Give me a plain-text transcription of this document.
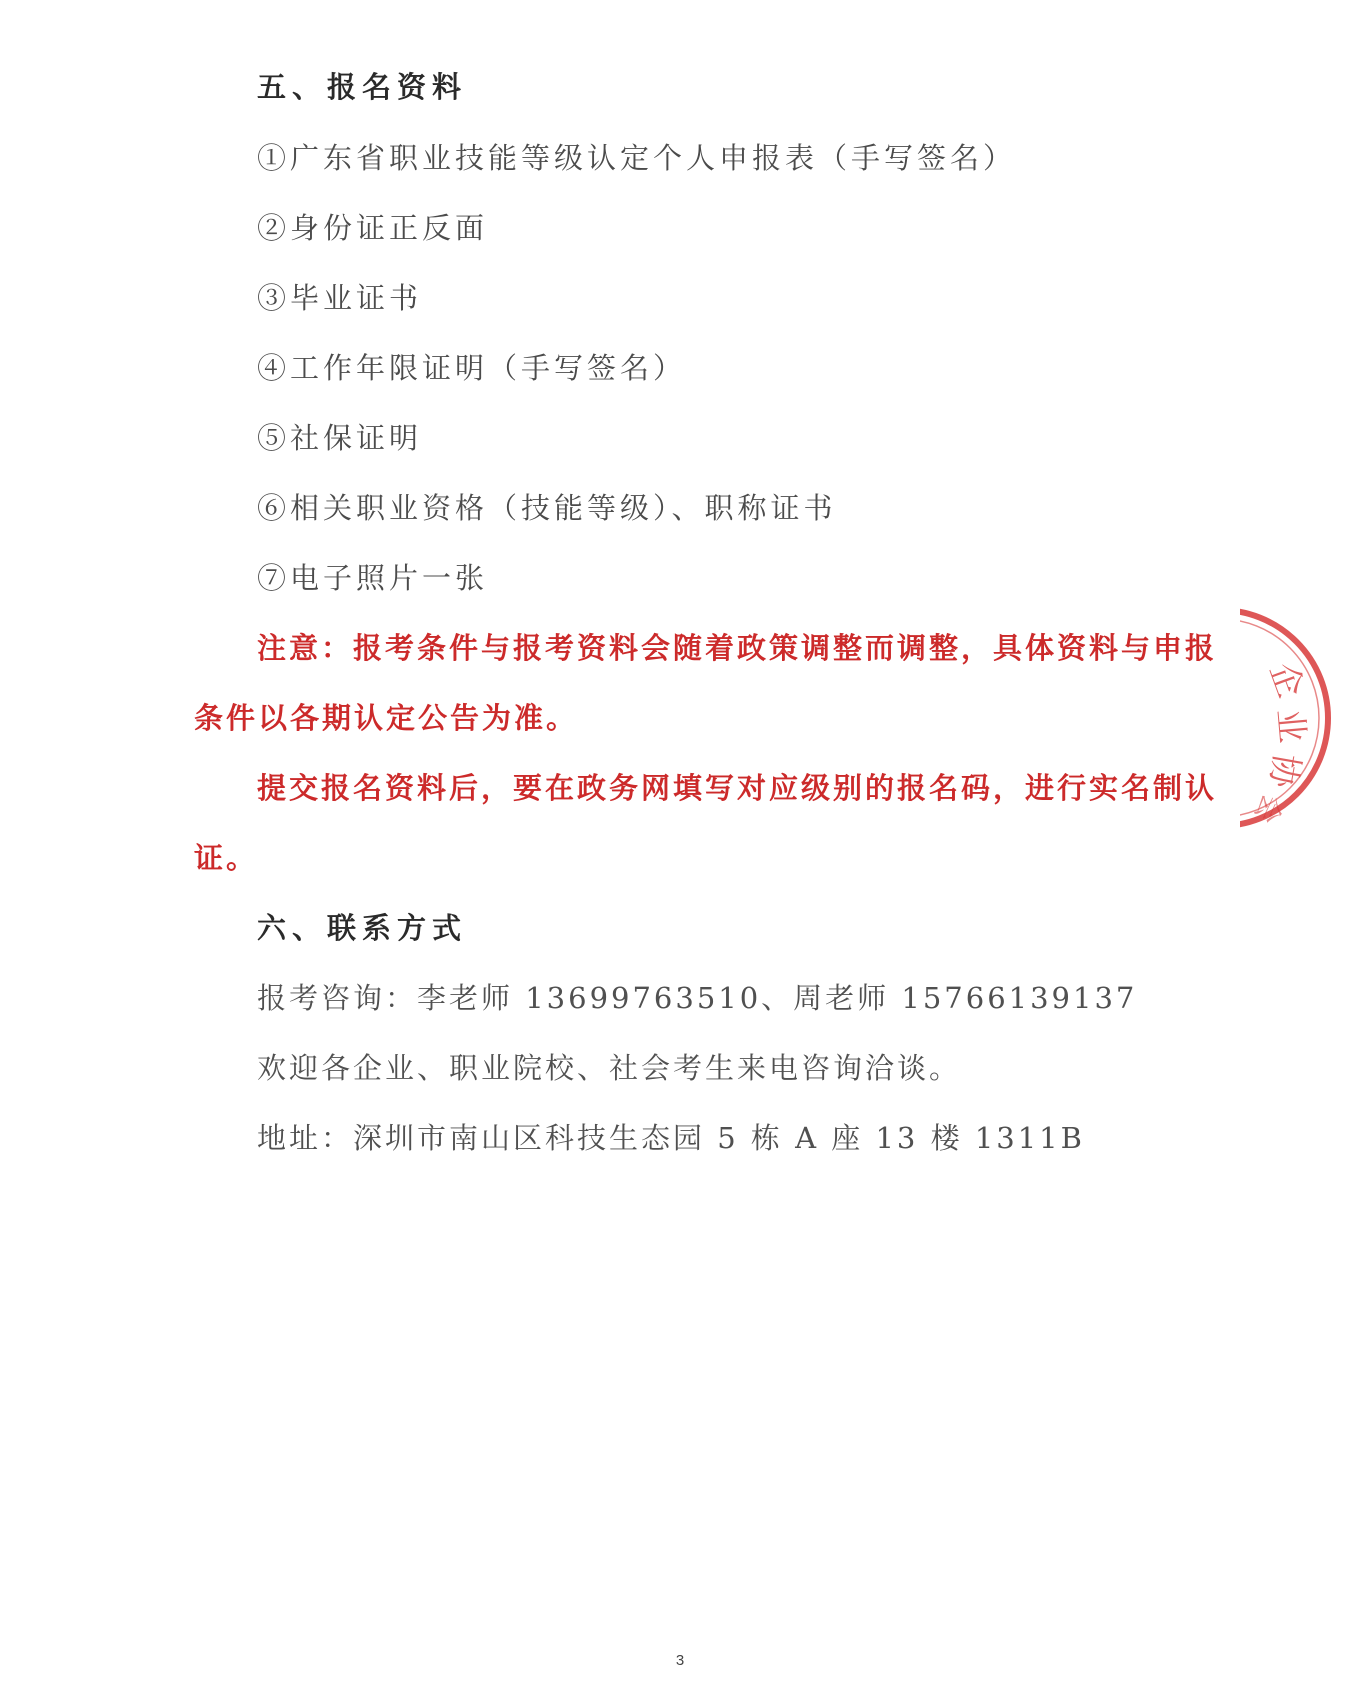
五、报名资料
①广东省职业技能等级认定个人申报表（手写签名）
②身份证正反面
③毕业证书
④工作年限证明（手写签名）
⑤社保证明
⑥相关职业资格（技能等级）、职称证书
⑦电子照片一张
注意：报考条件与报考资料会随着政策调整而调整，具体资料与申报
条件以各期认定公告为准。
提交报名资料后，要在政务网填写对应级别的报名码，进行实名制认
证。
六、联系方式
报考咨询：李老师 13699763510、周老师 15766139137
欢迎各企业、职业院校、社会考生来电咨询洽谈。
地址：深圳市南山区科技生态园 5 栋 A 座 13 楼 1311B
企
业
协
会
3
